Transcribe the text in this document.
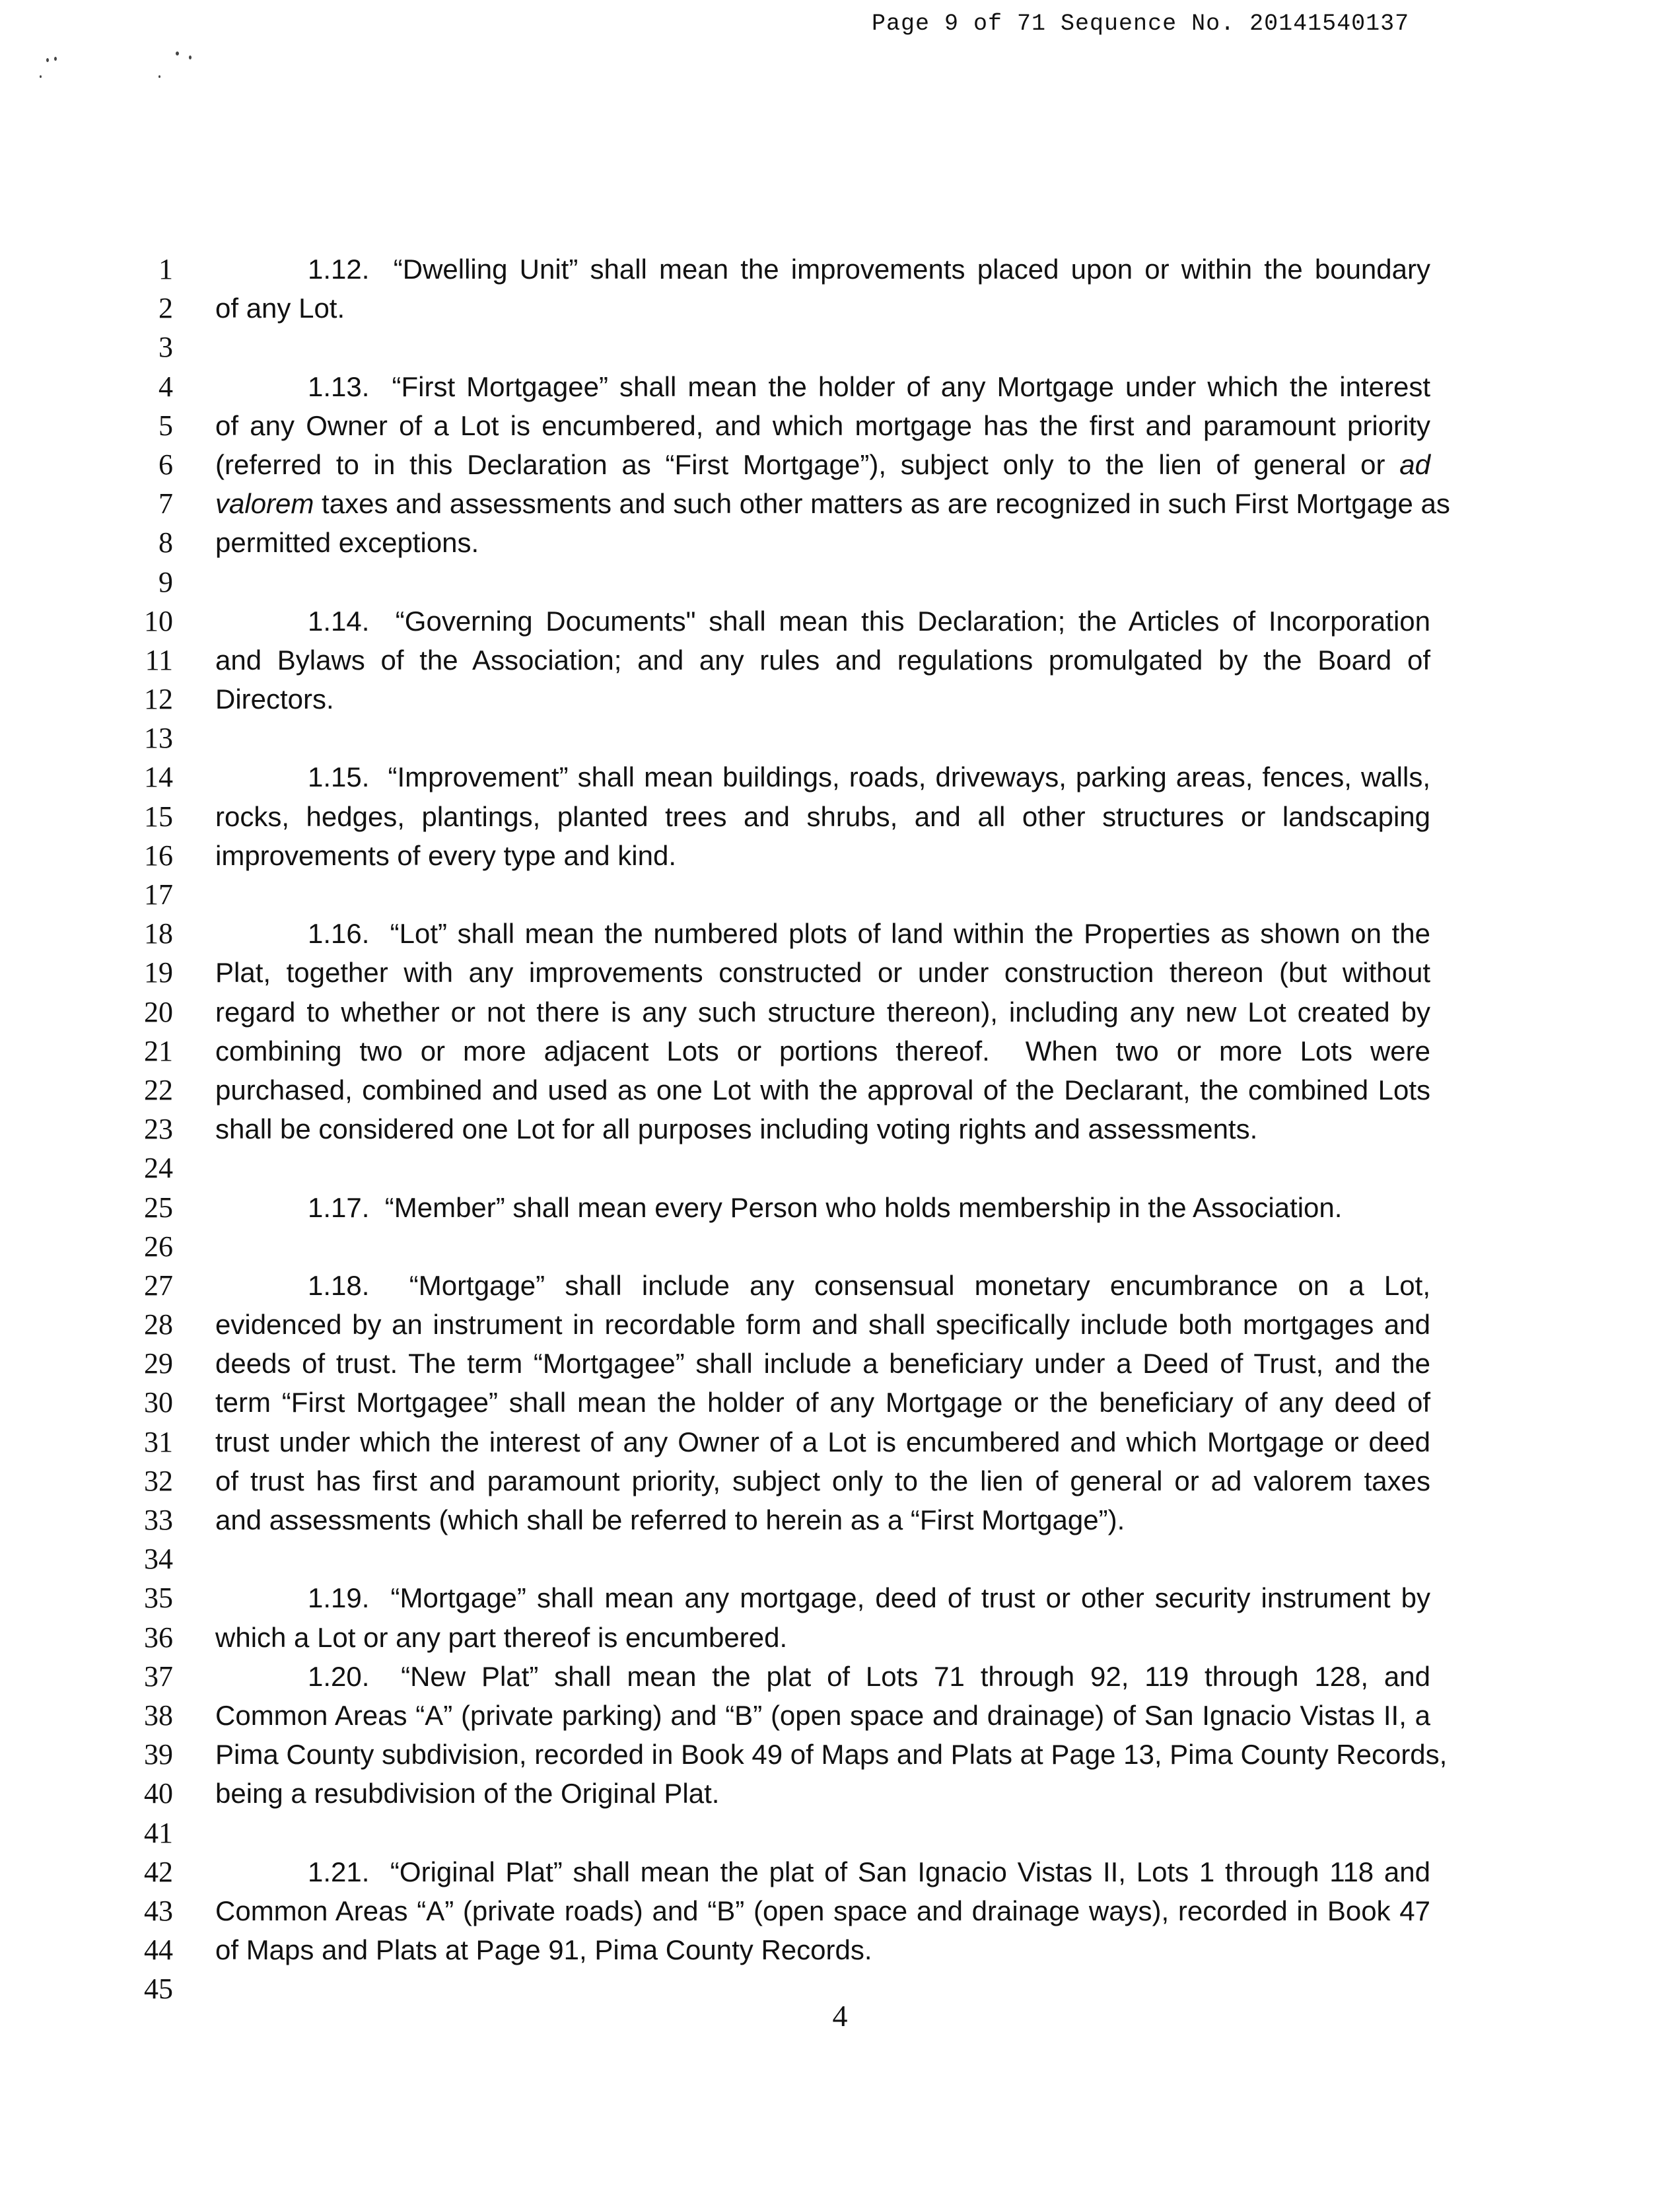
Page 9 of 71 Sequence No. 20141540137
1
2
3
4
5
6
7
8
9
10
11
12
13
14
15
16
17
18
19
20
21
22
23
24
25
26
27
28
29
30
31
32
33
34
35
36
37
38
39
40
41
42
43
44
45
1.12.  “Dwelling Unit” shall mean the improvements placed upon or within the boundary
of any Lot.
1.13.  “First Mortgagee” shall mean the holder of any Mortgage under which the interest
of any Owner of a Lot is encumbered, and which mortgage has the first and paramount priority
(referred to in this Declaration as “First Mortgage”), subject only to the lien of general or ad
valorem taxes and assessments and such other matters as are recognized in such First Mortgage as
permitted exceptions.
1.14.  “Governing Documents" shall mean this Declaration; the Articles of Incorporation
and Bylaws of the Association; and any rules and regulations promulgated by the Board of
Directors.
1.15.  “Improvement” shall mean buildings, roads, driveways, parking areas, fences, walls,
rocks, hedges, plantings, planted trees and shrubs, and all other structures or landscaping
improvements of every type and kind.
1.16.  “Lot” shall mean the numbered plots of land within the Properties as shown on the
Plat, together with any improvements constructed or under construction thereon (but without
regard to whether or not there is any such structure thereon), including any new Lot created by
combining two or more adjacent Lots or portions thereof.  When two or more Lots were
purchased, combined and used as one Lot with the approval of the Declarant, the combined Lots
shall be considered one Lot for all purposes including voting rights and assessments.
1.17.  “Member” shall mean every Person who holds membership in the Association.
1.18.  “Mortgage” shall include any consensual monetary encumbrance on a Lot,
evidenced by an instrument in recordable form and shall specifically include both mortgages and
deeds of trust. The term “Mortgagee” shall include a beneficiary under a Deed of Trust, and the
term “First Mortgagee” shall mean the holder of any Mortgage or the beneficiary of any deed of
trust under which the interest of any Owner of a Lot is encumbered and which Mortgage or deed
of trust has first and paramount priority, subject only to the lien of general or ad valorem taxes
and assessments (which shall be referred to herein as a “First Mortgage”).
1.19.  “Mortgage” shall mean any mortgage, deed of trust or other security instrument by
which a Lot or any part thereof is encumbered.
1.20.  “New Plat” shall mean the plat of Lots 71 through 92, 119 through 128, and
Common Areas “A” (private parking) and “B” (open space and drainage) of San Ignacio Vistas II, a
Pima County subdivision, recorded in Book 49 of Maps and Plats at Page 13, Pima County Records,
being a resubdivision of the Original Plat.
1.21.  “Original Plat” shall mean the plat of San Ignacio Vistas II, Lots 1 through 118 and
Common Areas “A” (private roads) and “B” (open space and drainage ways), recorded in Book 47
of Maps and Plats at Page 91, Pima County Records.
4
